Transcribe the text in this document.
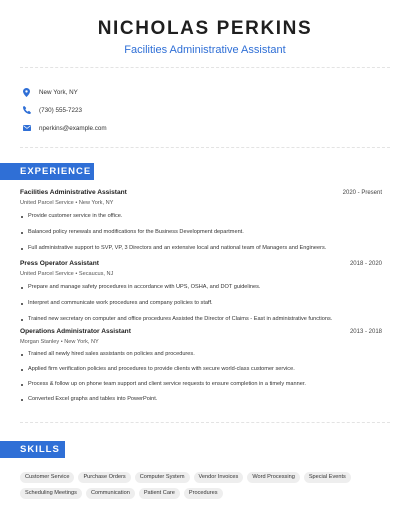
NICHOLAS PERKINS
Facilities Administrative Assistant
New York, NY
(730) 555-7223
nperkins@example.com
EXPERIENCE
Facilities Administrative Assistant	2020 - Present
United Parcel Service • New York, NY
Provide customer service in the office.
Balanced policy renewals and modifications for the Business Development department.
Full administrative support to SVP, VP, 3 Directors and an extensive local and national team of Managers and Engineers.
Press Operator Assistant	2018 - 2020
United Parcel Service • Secaucus, NJ
Prepare and manage safety procedures in accordance with UPS, OSHA, and DOT guidelines.
Interpret and communicate work procedures and company policies to staff.
Trained new secretary on computer and office procedures Assisted the Director of Claims - East in administrative functions.
Operations Administrator Assistant	2013 - 2018
Morgan Stanley • New York, NY
Trained all newly hired sales assistants on policies and procedures.
Applied firm verification policies and procedures to provide clients with secure world-class customer service.
Process & follow up on phone team support and client service requests to ensure completion in a timely manner.
Converted Excel graphs and tables into PowerPoint.
SKILLS
Customer Service	Purchase Orders	Computer System	Vendor Invoices	Word Processing	Special Events
Scheduling Meetings	Communication	Patient Care	Procedures
